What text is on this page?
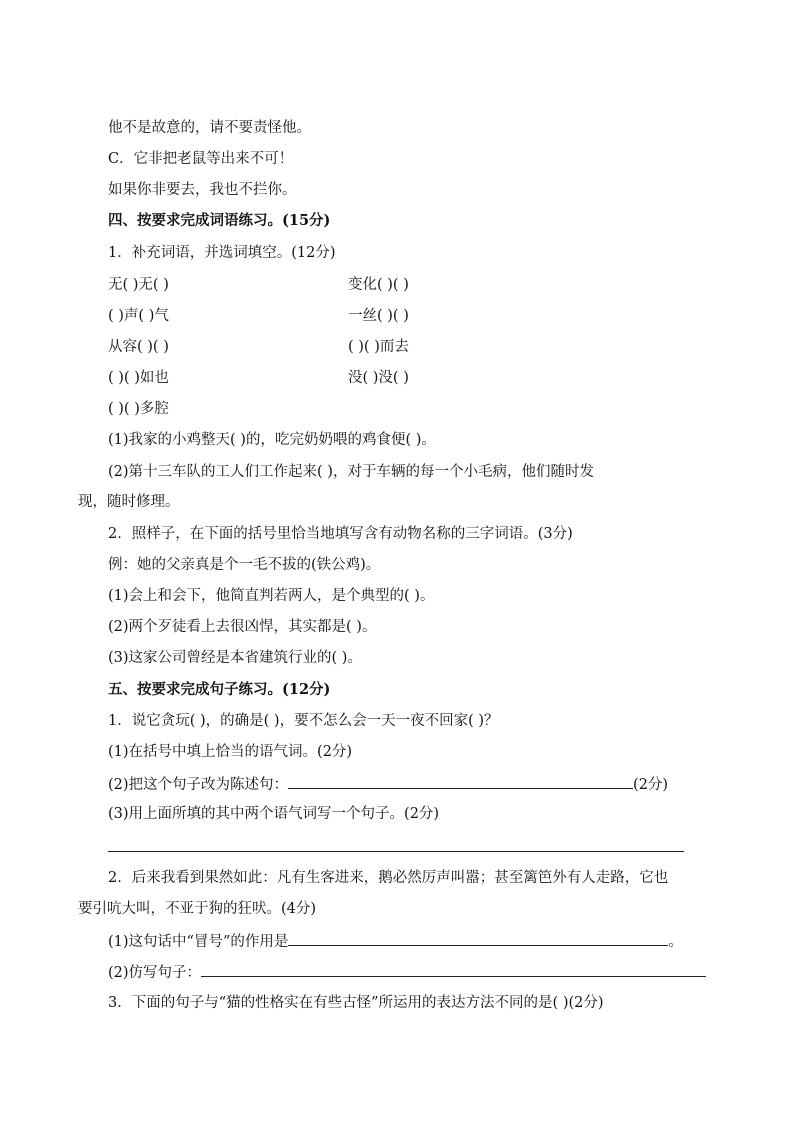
他不是故意的，请不要责怪他。
C．它非把老鼠等出来不可！
如果你非要去，我也不拦你。
四、按要求完成词语练习。(15分)
1．补充词语，并选词填空。(12分)
无( )无( )	变化( )( )
( )声( )气	一丝( )( )
从容( )( )	( )( )而去
( )( )如也	没( )没( )
( )( )多腔
(1)我家的小鸡整天( )的，吃完奶奶喂的鸡食便( )。
(2)第十三车队的工人们工作起来( )，对于车辆的每一个小毛病，他们随时发
现，随时修理。
2．照样子，在下面的括号里恰当地填写含有动物名称的三字词语。(3分)
例：她的父亲真是个一毛不拔的(铁公鸡)。
(1)会上和会下，他简直判若两人，是个典型的( )。
(2)两个歹徒看上去很凶悍，其实都是( )。
(3)这家公司曾经是本省建筑行业的( )。
五、按要求完成句子练习。(12分)
1．说它贪玩( )，的确是( )，要不怎么会一天一夜不回家( )？
(1)在括号中填上恰当的语气词。(2分)
(2)把这个句子改为陈述句：	(2分)
(3)用上面所填的其中两个语气词写一个句子。(2分)
2．后来我看到果然如此：凡有生客进来，鹅必然厉声叫嚣；甚至篱笆外有人走路，它也
要引吭大叫，不亚于狗的狂吠。(4分)
(1)这句话中“冒号”的作用是	。
(2)仿写句子：
3．下面的句子与“猫的性格实在有些古怪”所运用的表达方法不同的是( )(2分)
